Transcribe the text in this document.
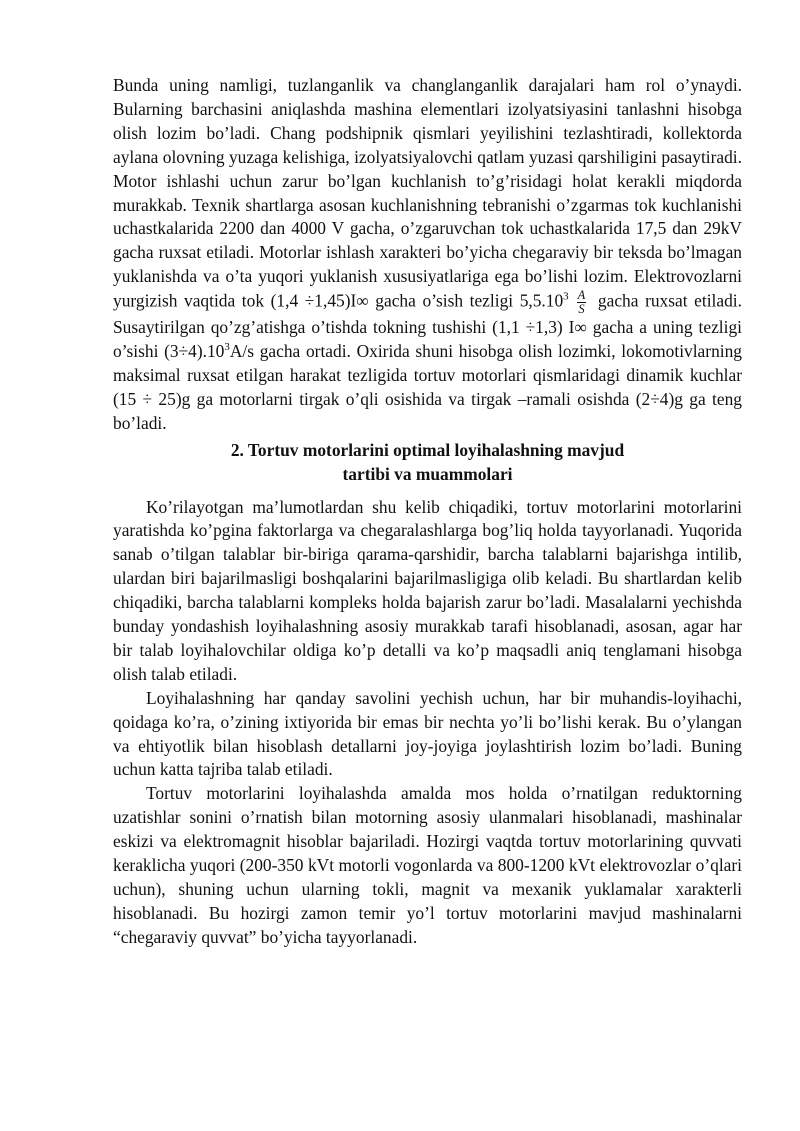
Bunda uning namligi, tuzlanganlik va changlanganlik darajalari ham rol o’ynaydi. Bularning barchasini aniqlashda mashina elementlari izolyatsiyasini tanlashni hisobga olish lozim bo’ladi. Chang podshipnik qismlari yeyilishini tezlashtiradi, kollektorda aylana olovning yuzaga kelishiga, izolyatsiyalovchi qatlam yuzasi qarshiligini pasaytiradi. Motor ishlashi uchun zarur bo’lgan kuchlanish to’g’risidagi holat kerakli miqdorda murakkab. Texnik shartlarga asosan kuchlanishning tebranishi o’zgarmas tok kuchlanishi uchastkalarida 2200 dan 4000 V gacha, o’zgaruvchan tok uchastkalarida 17,5 dan 29kV gacha ruxsat etiladi. Motorlar ishlash xarakteri bo’yicha chegaraviy bir teksda bo’lmagan yuklanishda va o’ta yuqori yuklanish xususiyatlariga ega bo’lishi lozim. Elektrovozlarni yurgizish vaqtida tok (1,4 ÷1,45)I∞ gacha o’sish tezligi $5,5.10^3 \frac{A}{S}$ gacha ruxsat etiladi. Susaytirilgan qo’zg’atishga o’tishda tokning tushishi (1,1 ÷1,3) I∞ gacha a uning tezligi o’sishi $(3\div 4).10^3A/s$ gacha ortadi. Oxirida shuni hisobga olish lozimki, lokomotivlarning maksimal ruxsat etilgan harakat tezligida tortuv motorlari qismlaridagi dinamik kuchlar (15 ÷ 25)g ga motorlarni tirgak o’qli osishida va tirgak –ramali osishda (2÷4)g ga teng bo’ladi.

2. Tortuv motorlarini optimal loyihalashning mavjud
tartibi va muammolari

Ko’rilayotgan ma’lumotlardan shu kelib chiqadiki, tortuv motorlarini motorlarini yaratishda ko’pgina faktorlarga va chegaralashlarga bog’liq holda tayyorlanadi. Yuqorida sanab o’tilgan talablar bir-biriga qarama-qarshidir, barcha talablarni bajarishga intilib, ulardan biri bajarilmasligi boshqalarini bajarilmasligiga olib keladi. Bu shartlardan kelib chiqadiki, barcha talablarni kompleks holda bajarish zarur bo’ladi. Masalalarni yechishda bunday yondashish loyihalashning asosiy murakkab tarafi hisoblanadi, asosan, agar har bir talab loyihalovchilar oldiga ko’p detalli va ko’p maqsadli aniq tenglamani hisobga olish talab etiladi.

Loyihalashning har qanday savolini yechish uchun, har bir muhandis-loyihachi, qoidaga ko’ra, o’zining ixtiyorida bir emas bir nechta yo’li bo’lishi kerak. Bu o’ylangan va ehtiyotlik bilan hisoblash detallarni joy-joyiga joylashtirish lozim bo’ladi. Buning uchun katta tajriba talab etiladi.

Tortuv motorlarini loyihalashda amalda mos holda o’rnatilgan reduktorning uzatishlar sonini o’rnatish bilan motorning asosiy ulanmalari hisoblanadi, mashinalar eskizi va elektromagnit hisoblar bajariladi. Hozirgi vaqtda tortuv motorlarining quvvati keraklicha yuqori (200-350 kVt motorli vogonlarda va 800-1200 kVt elektrovozlar o’qlari uchun), shuning uchun ularning tokli, magnit va mexanik yuklamalar xarakterli hisoblanadi. Bu hozirgi zamon temir yo’l tortuv motorlarini mavjud mashinalarni “chegaraviy quvvat” bo’yicha tayyorlanadi.
